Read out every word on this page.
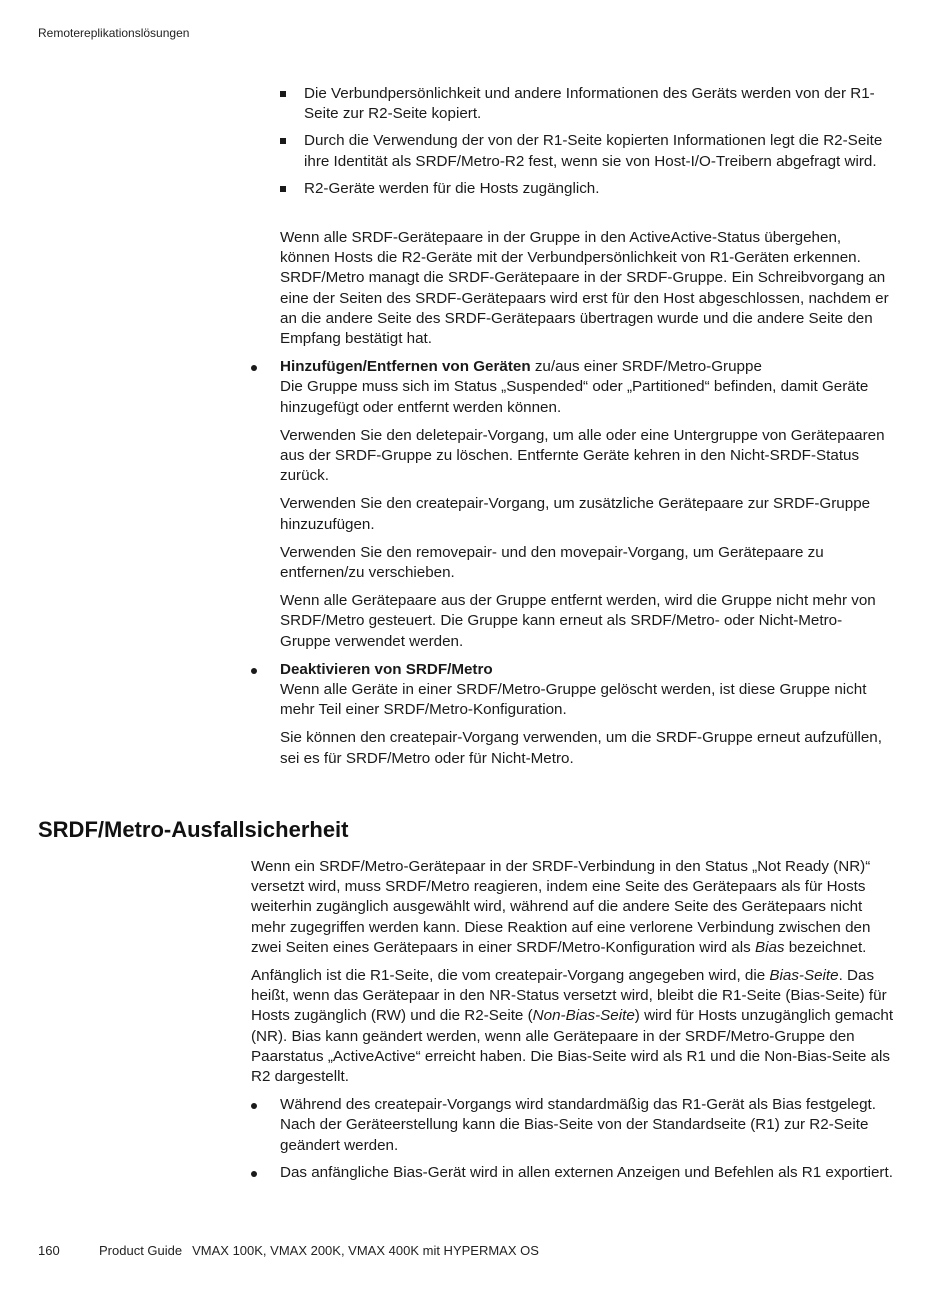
Remotereplikationslösungen
Die Verbundpersönlichkeit und andere Informationen des Geräts werden von der R1-Seite zur R2-Seite kopiert.
Durch die Verwendung der von der R1-Seite kopierten Informationen legt die R2-Seite ihre Identität als SRDF/Metro-R2 fest, wenn sie von Host-I/O-Treibern abgefragt wird.
R2-Geräte werden für die Hosts zugänglich.

Wenn alle SRDF-Gerätepaare in der Gruppe in den ActiveActive-Status übergehen, können Hosts die R2-Geräte mit der Verbundpersönlichkeit von R1-Geräten erkennen. SRDF/Metro managt die SRDF-Gerätepaare in der SRDF-Gruppe. Ein Schreibvorgang an eine der Seiten des SRDF-Gerätepaars wird erst für den Host abgeschlossen, nachdem er an die andere Seite des SRDF-Gerätepaars übertragen wurde und die andere Seite den Empfang bestätigt hat.

Hinzufügen/Entfernen von Geräten zu/aus einer SRDF/Metro-Gruppe
Die Gruppe muss sich im Status „Suspended“ oder „Partitioned“ befinden, damit Geräte hinzugefügt oder entfernt werden können.

Verwenden Sie den deletepair-Vorgang, um alle oder eine Untergruppe von Gerätepaaren aus der SRDF-Gruppe zu löschen. Entfernte Geräte kehren in den Nicht-SRDF-Status zurück.

Verwenden Sie den createpair-Vorgang, um zusätzliche Gerätepaare zur SRDF-Gruppe hinzuzufügen.

Verwenden Sie den removepair- und den movepair-Vorgang, um Gerätepaare zu entfernen/zu verschieben.

Wenn alle Gerätepaare aus der Gruppe entfernt werden, wird die Gruppe nicht mehr von SRDF/Metro gesteuert. Die Gruppe kann erneut als SRDF/Metro- oder Nicht-Metro-Gruppe verwendet werden.

Deaktivieren von SRDF/Metro
Wenn alle Geräte in einer SRDF/Metro-Gruppe gelöscht werden, ist diese Gruppe nicht mehr Teil einer SRDF/Metro-Konfiguration.

Sie können den createpair-Vorgang verwenden, um die SRDF-Gruppe erneut aufzufüllen, sei es für SRDF/Metro oder für Nicht-Metro.

SRDF/Metro-Ausfallsicherheit

Wenn ein SRDF/Metro-Gerätepaar in der SRDF-Verbindung in den Status „Not Ready (NR)“ versetzt wird, muss SRDF/Metro reagieren, indem eine Seite des Gerätepaars als für Hosts weiterhin zugänglich ausgewählt wird, während auf die andere Seite des Gerätepaars nicht mehr zugegriffen werden kann. Diese Reaktion auf eine verlorene Verbindung zwischen den zwei Seiten eines Gerätepaars in einer SRDF/Metro-Konfiguration wird als Bias bezeichnet.

Anfänglich ist die R1-Seite, die vom createpair-Vorgang angegeben wird, die Bias-Seite. Das heißt, wenn das Gerätepaar in den NR-Status versetzt wird, bleibt die R1-Seite (Bias-Seite) für Hosts zugänglich (RW) und die R2-Seite (Non-Bias-Seite) wird für Hosts unzugänglich gemacht (NR). Bias kann geändert werden, wenn alle Gerätepaare in der SRDF/Metro-Gruppe den Paarstatus „ActiveActive“ erreicht haben. Die Bias-Seite wird als R1 und die Non-Bias-Seite als R2 dargestellt.

Während des createpair-Vorgangs wird standardmäßig das R1-Gerät als Bias festgelegt. Nach der Geräteerstellung kann die Bias-Seite von der Standardseite (R1) zur R2-Seite geändert werden.
Das anfängliche Bias-Gerät wird in allen externen Anzeigen und Befehlen als R1 exportiert.
160	Product Guide VMAX 100K, VMAX 200K, VMAX 400K mit HYPERMAX OS
